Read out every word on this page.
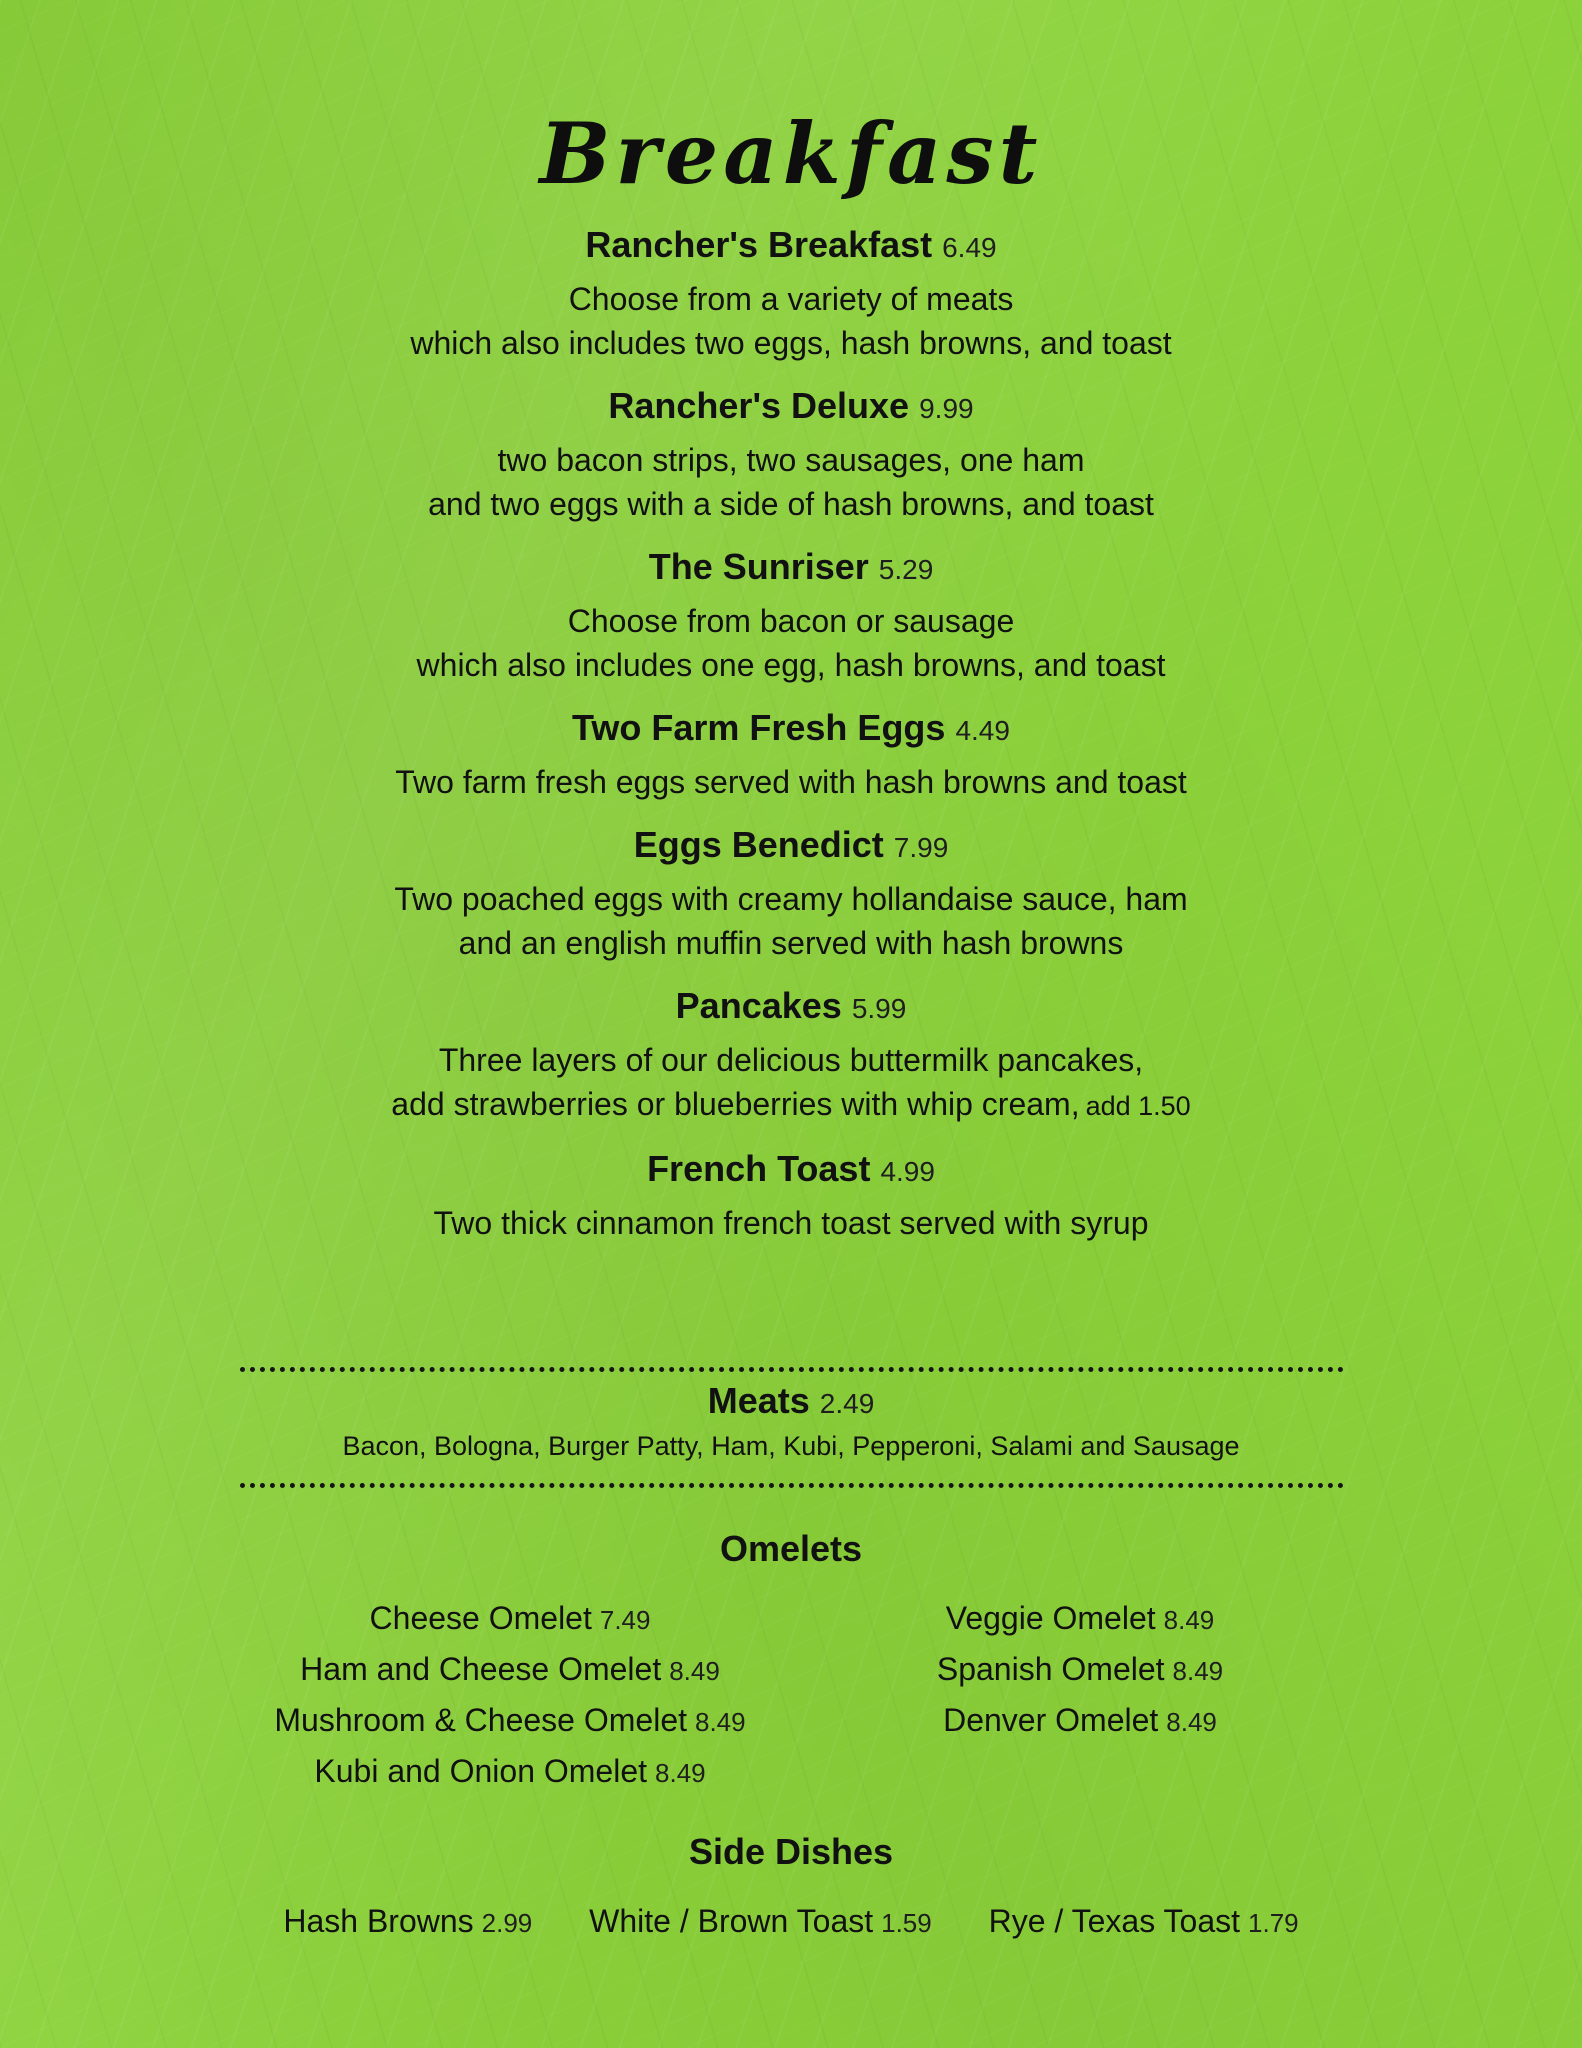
Breakfast
Rancher's Breakfast 6.49
Choose from a variety of meats
which also includes two eggs, hash browns, and toast
Rancher's Deluxe 9.99
two bacon strips, two sausages, one ham
and two eggs with a side of hash browns, and toast
The Sunriser 5.29
Choose from bacon or sausage
which also includes one egg, hash browns, and toast
Two Farm Fresh Eggs 4.49
Two farm fresh eggs served with hash browns and toast
Eggs Benedict 7.99
Two poached eggs with creamy hollandaise sauce, ham
and an english muffin served with hash browns
Pancakes 5.99
Three layers of our delicious buttermilk pancakes,
add strawberries or blueberries with whip cream, add 1.50
French Toast 4.99
Two thick cinnamon french toast served with syrup
Meats 2.49
Bacon, Bologna, Burger Patty, Ham, Kubi, Pepperoni, Salami and Sausage
Omelets
Cheese Omelet 7.49
Ham and Cheese Omelet 8.49
Mushroom & Cheese Omelet 8.49
Kubi and Onion Omelet 8.49
Veggie Omelet 8.49
Spanish Omelet 8.49
Denver Omelet 8.49
Side Dishes
Hash Browns 2.99 White / Brown Toast 1.59 Rye / Texas Toast 1.79
